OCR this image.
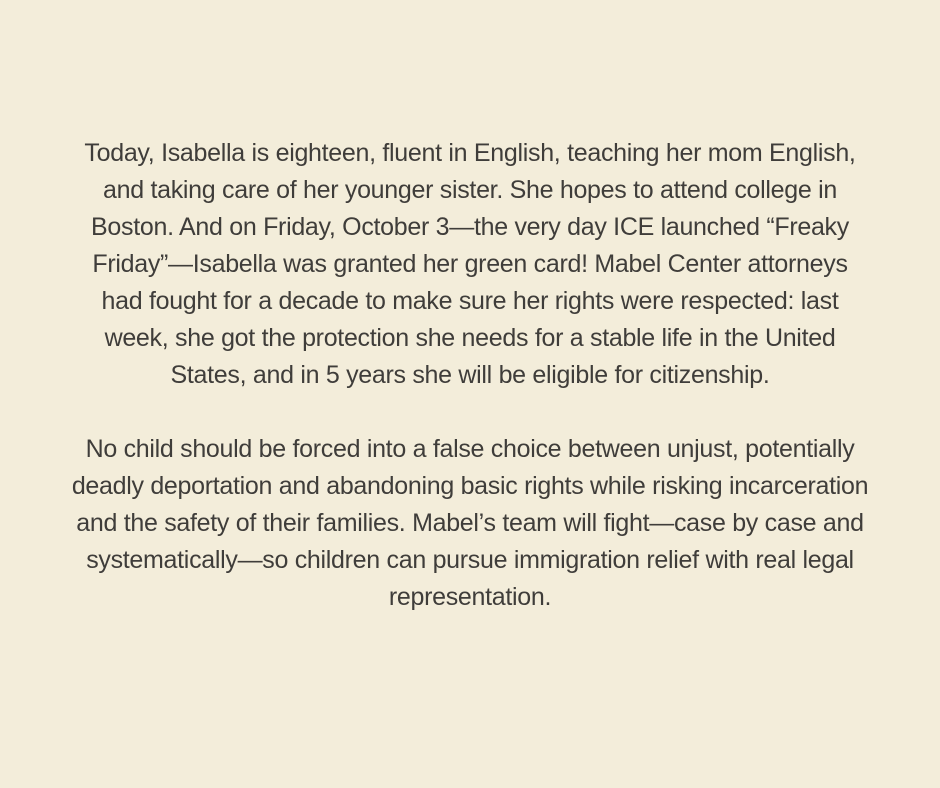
Today, Isabella is eighteen, fluent in English, teaching her mom English, and taking care of her younger sister. She hopes to attend college in Boston. And on Friday, October 3—the very day ICE launched “Freaky Friday”—Isabella was granted her green card! Mabel Center attorneys had fought for a decade to make sure her rights were respected: last week, she got the protection she needs for a stable life in the United States, and in 5 years she will be eligible for citizenship.

No child should be forced into a false choice between unjust, potentially deadly deportation and abandoning basic rights while risking incarceration and the safety of their families. Mabel’s team will fight—case by case and systematically—so children can pursue immigration relief with real legal representation.
